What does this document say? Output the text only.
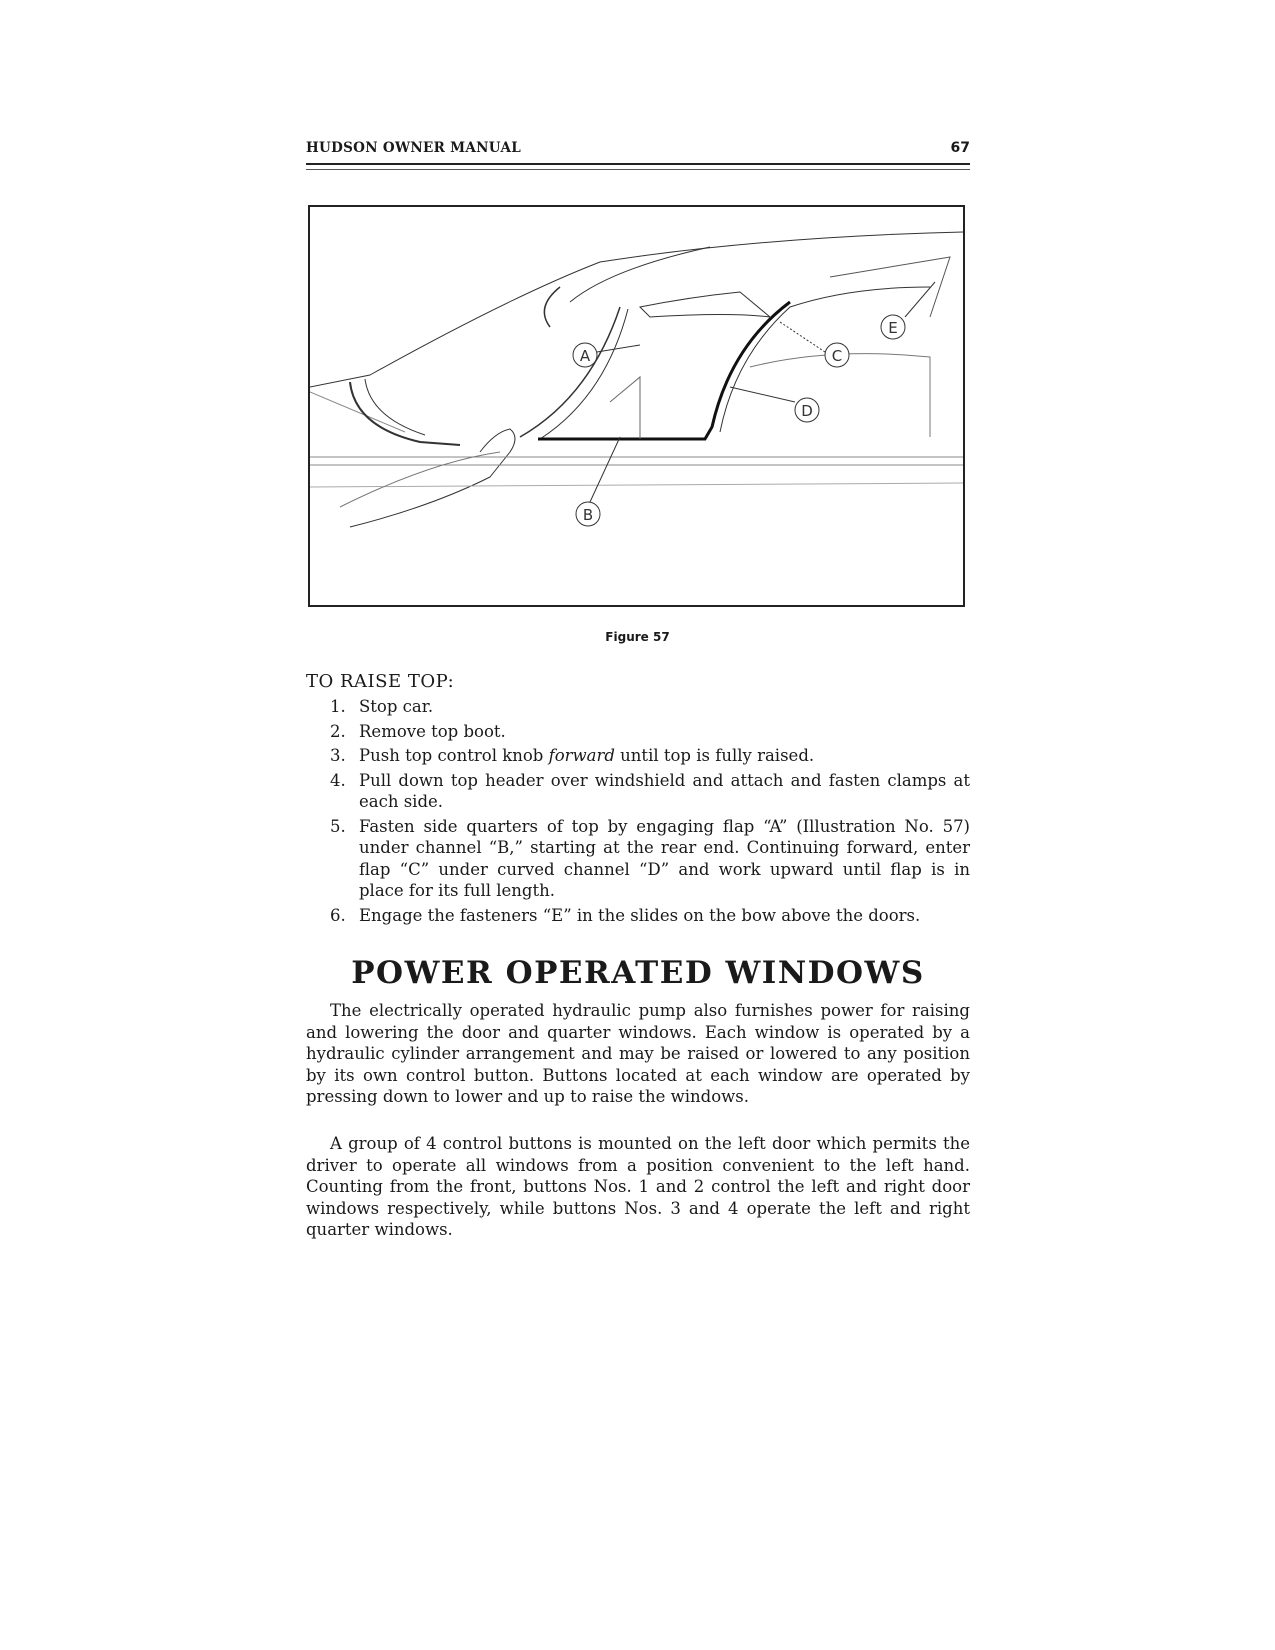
HUDSON OWNER MANUAL	67
A
B
C
D
E
Figure 57
TO RAISE TOP:
1. Stop car.
2. Remove top boot.
3. Push top control knob forward until top is fully raised.
4. Pull down top header over windshield and attach and fasten clamps at each side.
5. Fasten side quarters of top by engaging flap “A” (Illustration No. 57) under channel “B,” starting at the rear end. Continuing forward, enter flap “C” under curved channel “D” and work upward until flap is in place for its full length.
6. Engage the fasteners “E” in the slides on the bow above the doors.
POWER OPERATED WINDOWS

The electrically operated hydraulic pump also furnishes power for raising and lowering the door and quarter windows. Each window is operated by a hydraulic cylinder arrangement and may be raised or lowered to any position by its own control button. Buttons located at each window are operated by pressing down to lower and up to raise the windows.

A group of 4 control buttons is mounted on the left door which permits the driver to operate all windows from a position convenient to the left hand. Counting from the front, buttons Nos. 1 and 2 control the left and right door windows respectively, while buttons Nos. 3 and 4 operate the left and right quarter windows.
